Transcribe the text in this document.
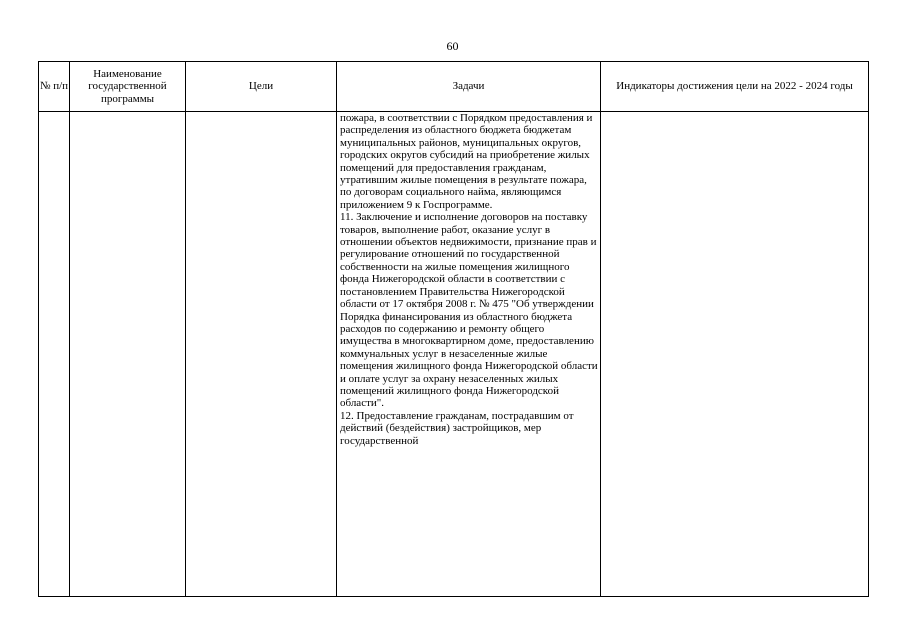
60
№ п/п	Наименование государственной программы	Цели	Задачи	Индикаторы достижения цели на 2022 - 2024 годы

			пожара, в соответствии с Порядком предоставления и распределения из областного бюджета бюджетам муниципальных районов, муниципальных округов, городских округов субсидий на приобретение жилых помещений для предоставления гражданам, утратившим жилые помещения в результате пожара, по договорам социального найма, являющимся приложением 9 к Госпрограмме.

11. Заключение и исполнение договоров на поставку товаров, выполнение работ, оказание услуг в отношении объектов недвижимости, признание прав и регулирование отношений по государственной собственности на жилые помещения жилищного фонда Нижегородской области в соответствии с постановлением Правительства Нижегородской области от 17 октября 2008 г. № 475 "Об утверждении Порядка финансирования из областного бюджета расходов по содержанию и ремонту общего имущества в многоквартирном доме, предоставлению коммунальных услуг в незаселенные жилые помещения жилищного фонда Нижегородской области и оплате услуг за охрану незаселенных жилых помещений жилищного фонда Нижегородской области".

12. Предоставление гражданам, пострадавшим от действий (бездействия) застройщиков, мер государственной	
